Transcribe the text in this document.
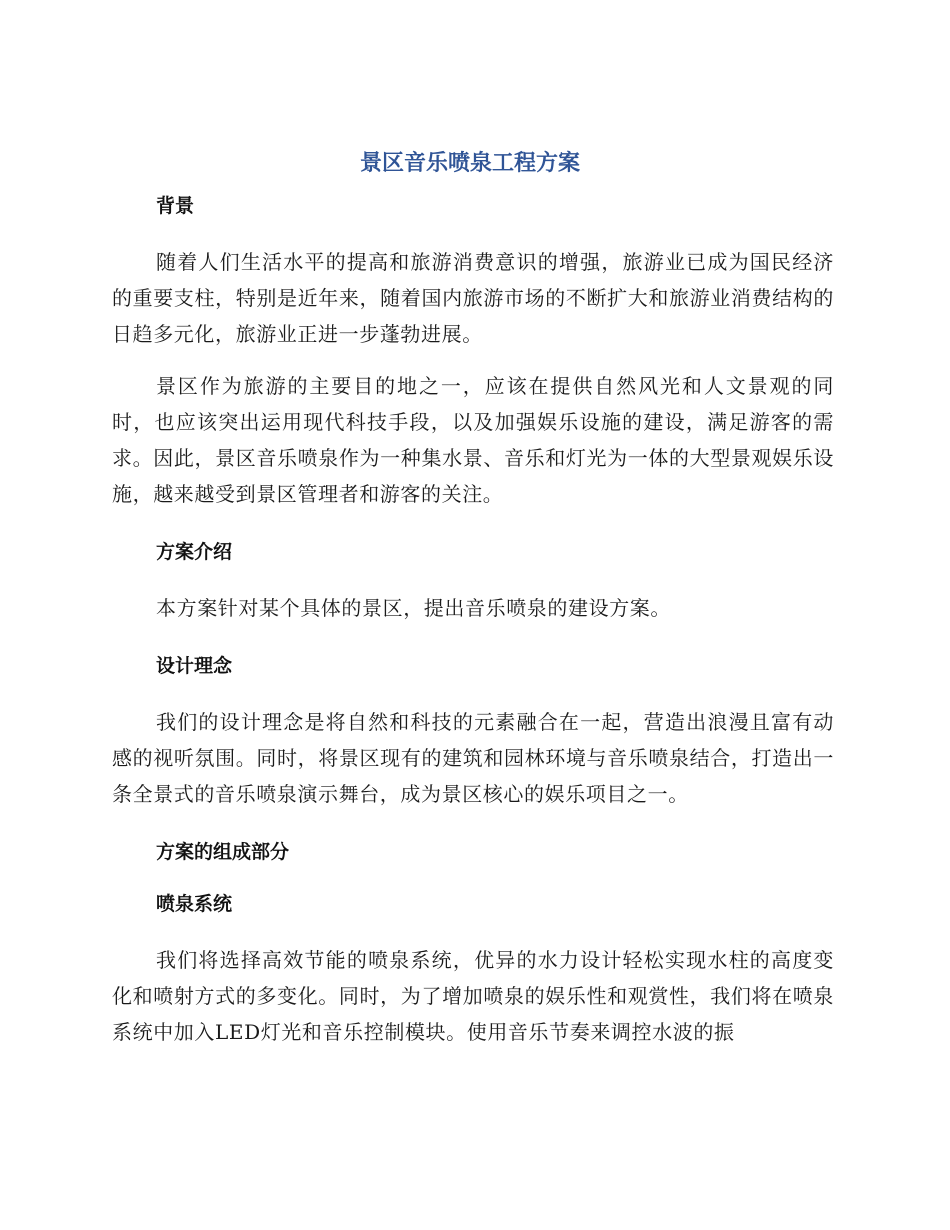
景区音乐喷泉工程方案
背景

随着人们生活水平的提高和旅游消费意识的增强，旅游业已成为国民经济的重要支柱，特别是近年来，随着国内旅游市场的不断扩大和旅游业消费结构的日趋多元化，旅游业正进一步蓬勃进展。

景区作为旅游的主要目的地之一，应该在提供自然风光和人文景观的同时，也应该突出运用现代科技手段，以及加强娱乐设施的建设，满足游客的需求。因此，景区音乐喷泉作为一种集水景、音乐和灯光为一体的大型景观娱乐设施，越来越受到景区管理者和游客的关注。

方案介绍

本方案针对某个具体的景区，提出音乐喷泉的建设方案。

设计理念

我们的设计理念是将自然和科技的元素融合在一起，营造出浪漫且富有动感的视听氛围。同时，将景区现有的建筑和园林环境与音乐喷泉结合，打造出一条全景式的音乐喷泉演示舞台，成为景区核心的娱乐项目之一。

方案的组成部分
喷泉系统

我们将选择高效节能的喷泉系统，优异的水力设计轻松实现水柱的高度变化和喷射方式的多变化。同时，为了增加喷泉的娱乐性和观赏性，我们将在喷泉系统中加入LED灯光和音乐控制模块。使用音乐节奏来调控水波的振
